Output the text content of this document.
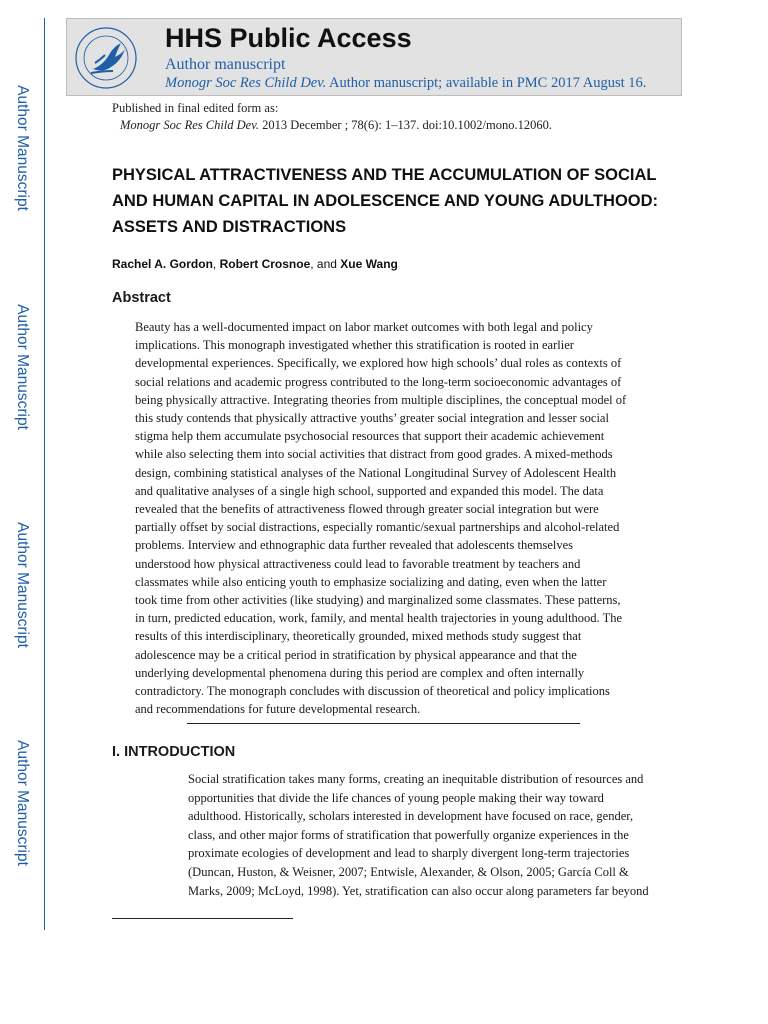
Author Manuscript
Author Manuscript
Author Manuscript
Author Manuscript
HHS Public Access
Author manuscript
Monogr Soc Res Child Dev. Author manuscript; available in PMC 2017 August 16.
Published in final edited form as:
Monogr Soc Res Child Dev. 2013 December ; 78(6): 1–137. doi:10.1002/mono.12060.
PHYSICAL ATTRACTIVENESS AND THE ACCUMULATION OF SOCIAL AND HUMAN CAPITAL IN ADOLESCENCE AND YOUNG ADULTHOOD: ASSETS AND DISTRACTIONS
Rachel A. Gordon, Robert Crosnoe, and Xue Wang
Abstract
Beauty has a well-documented impact on labor market outcomes with both legal and policy
implications. This monograph investigated whether this stratification is rooted in earlier
developmental experiences. Specifically, we explored how high schools’ dual roles as contexts of
social relations and academic progress contributed to the long-term socioeconomic advantages of
being physically attractive. Integrating theories from multiple disciplines, the conceptual model of
this study contends that physically attractive youths’ greater social integration and lesser social
stigma help them accumulate psychosocial resources that support their academic achievement
while also selecting them into social activities that distract from good grades. A mixed-methods
design, combining statistical analyses of the National Longitudinal Survey of Adolescent Health
and qualitative analyses of a single high school, supported and expanded this model. The data
revealed that the benefits of attractiveness flowed through greater social integration but were
partially offset by social distractions, especially romantic/sexual partnerships and alcohol-related
problems. Interview and ethnographic data further revealed that adolescents themselves
understood how physical attractiveness could lead to favorable treatment by teachers and
classmates while also enticing youth to emphasize socializing and dating, even when the latter
took time from other activities (like studying) and marginalized some classmates. These patterns,
in turn, predicted education, work, family, and mental health trajectories in young adulthood. The
results of this interdisciplinary, theoretically grounded, mixed methods study suggest that
adolescence may be a critical period in stratification by physical appearance and that the
underlying developmental phenomena during this period are complex and often internally
contradictory. The monograph concludes with discussion of theoretical and policy implications
and recommendations for future developmental research.
I. INTRODUCTION
Social stratification takes many forms, creating an inequitable distribution of resources and
opportunities that divide the life chances of young people making their way toward
adulthood. Historically, scholars interested in development have focused on race, gender,
class, and other major forms of stratification that powerfully organize experiences in the
proximate ecologies of development and lead to sharply divergent long-term trajectories
(Duncan, Huston, & Weisner, 2007; Entwisle, Alexander, & Olson, 2005; García Coll &
Marks, 2009; McLoyd, 1998). Yet, stratification can also occur along parameters far beyond
